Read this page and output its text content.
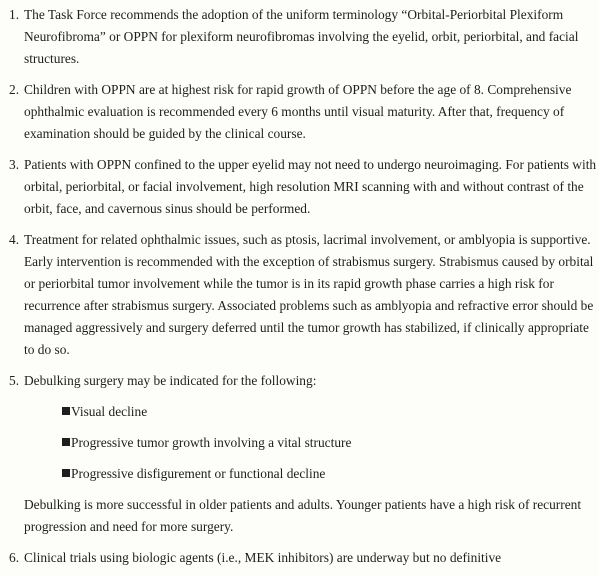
1. The Task Force recommends the adoption of the uniform terminology “Orbital-Periorbital Plexiform Neurofibroma” or OPPN for plexiform neurofibromas involving the eyelid, orbit, periorbital, and facial structures.

2. Children with OPPN are at highest risk for rapid growth of OPPN before the age of 8. Comprehensive ophthalmic evaluation is recommended every 6 months until visual maturity. After that, frequency of examination should be guided by the clinical course.

3. Patients with OPPN confined to the upper eyelid may not need to undergo neuroimaging. For patients with orbital, periorbital, or facial involvement, high resolution MRI scanning with and without contrast of the orbit, face, and cavernous sinus should be performed.

4. Treatment for related ophthalmic issues, such as ptosis, lacrimal involvement, or amblyopia is supportive. Early intervention is recommended with the exception of strabismus surgery. Strabismus caused by orbital or periorbital tumor involvement while the tumor is in its rapid growth phase carries a high risk for recurrence after strabismus surgery. Associated problems such as amblyopia and refractive error should be managed aggressively and surgery deferred until the tumor growth has stabilized, if clinically appropriate to do so.

5. Debulking surgery may be indicated for the following:

Visual decline
Progressive tumor growth involving a vital structure
Progressive disfigurement or functional decline

Debulking is more successful in older patients and adults. Younger patients have a high risk of recurrent progression and need for more surgery.

6. Clinical trials using biologic agents (i.e., MEK inhibitors) are underway but no definitive
